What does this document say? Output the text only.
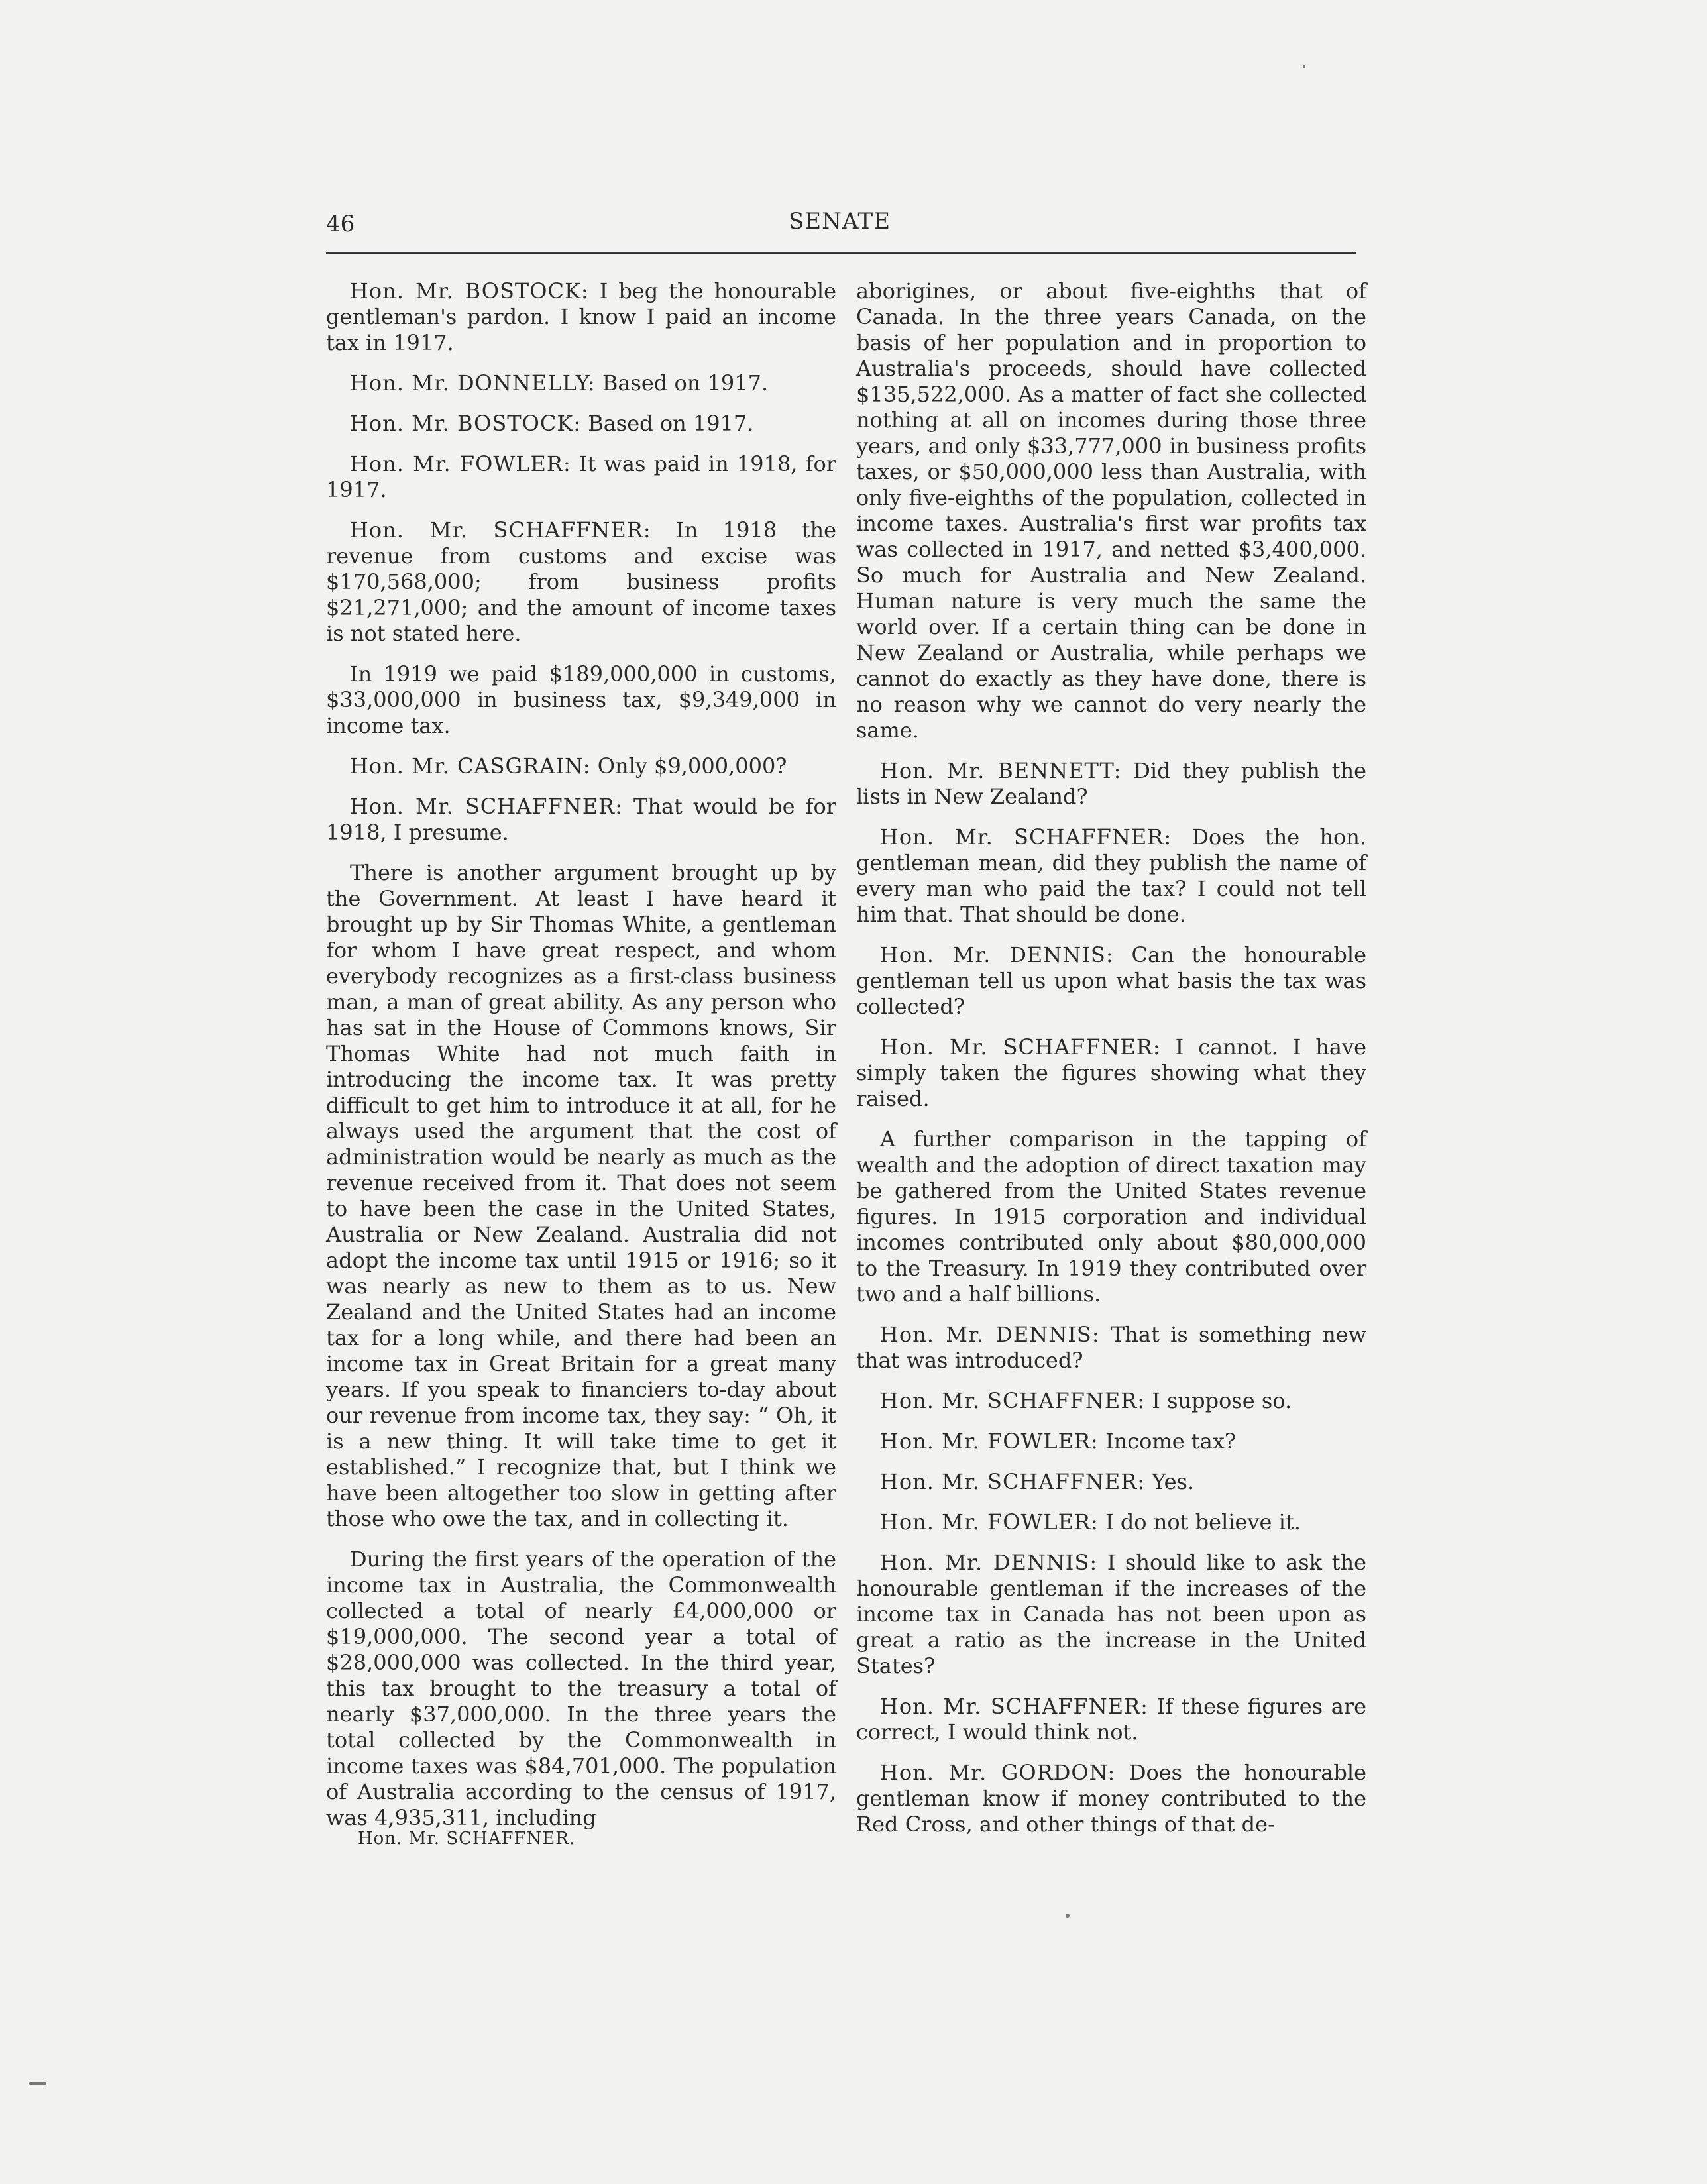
46	SENATE

Hon. Mr. BOSTOCK: I beg the honourable gentleman's pardon. I know I paid an income tax in 1917.

Hon. Mr. DONNELLY: Based on 1917.

Hon. Mr. BOSTOCK: Based on 1917.

Hon. Mr. FOWLER: It was paid in 1918, for 1917.

Hon. Mr. SCHAFFNER: In 1918 the revenue from customs and excise was $170,568,000; from business profits $21,271,000; and the amount of income taxes is not stated here.

In 1919 we paid $189,000,000 in customs, $33,000,000 in business tax, $9,349,000 in income tax.

Hon. Mr. CASGRAIN: Only $9,000,000?

Hon. Mr. SCHAFFNER: That would be for 1918, I presume.

There is another argument brought up by the Government. At least I have heard it brought up by Sir Thomas White, a gentleman for whom I have great respect, and whom everybody recognizes as a first-class business man, a man of great ability. As any person who has sat in the House of Commons knows, Sir Thomas White had not much faith in introducing the income tax. It was pretty difficult to get him to introduce it at all, for he always used the argument that the cost of administration would be nearly as much as the revenue received from it. That does not seem to have been the case in the United States, Australia or New Zealand. Australia did not adopt the income tax until 1915 or 1916; so it was nearly as new to them as to us. New Zealand and the United States had an income tax for a long while, and there had been an income tax in Great Britain for a great many years. If you speak to financiers to-day about our revenue from income tax, they say: “ Oh, it is a new thing. It will take time to get it established.” I recognize that, but I think we have been altogether too slow in getting after those who owe the tax, and in collecting it.

During the first years of the operation of the income tax in Australia, the Commonwealth collected a total of nearly £4,000,000 or $19,000,000. The second year a total of $28,000,000 was collected. In the third year, this tax brought to the treasury a total of nearly $37,000,000. In the three years the total collected by the Commonwealth in income taxes was $84,701,000. The population of Australia according to the census of 1917, was 4,935,311, including

aborigines, or about five-eighths that of Canada. In the three years Canada, on the basis of her population and in proportion to Australia's proceeds, should have collected $135,522,000. As a matter of fact she collected nothing at all on incomes during those three years, and only $33,777,000 in business profits taxes, or $50,000,000 less than Australia, with only five-eighths of the population, collected in income taxes. Australia's first war profits tax was collected in 1917, and netted $3,400,000. So much for Australia and New Zealand. Human nature is very much the same the world over. If a certain thing can be done in New Zealand or Australia, while perhaps we cannot do exactly as they have done, there is no reason why we cannot do very nearly the same.

Hon. Mr. BENNETT: Did they publish the lists in New Zealand?

Hon. Mr. SCHAFFNER: Does the hon. gentleman mean, did they publish the name of every man who paid the tax? I could not tell him that. That should be done.

Hon. Mr. DENNIS: Can the honourable gentleman tell us upon what basis the tax was collected?

Hon. Mr. SCHAFFNER: I cannot. I have simply taken the figures showing what they raised.

A further comparison in the tapping of wealth and the adoption of direct taxation may be gathered from the United States revenue figures. In 1915 corporation and individual incomes contributed only about $80,000,000 to the Treasury. In 1919 they contributed over two and a half billions.

Hon. Mr. DENNIS: That is something new that was introduced?

Hon. Mr. SCHAFFNER: I suppose so.

Hon. Mr. FOWLER: Income tax?

Hon. Mr. SCHAFFNER: Yes.

Hon. Mr. FOWLER: I do not believe it.

Hon. Mr. DENNIS: I should like to ask the honourable gentleman if the increases of the income tax in Canada has not been upon as great a ratio as the increase in the United States?

Hon. Mr. SCHAFFNER: If these figures are correct, I would think not.

Hon. Mr. GORDON: Does the honourable gentleman know if money contributed to the Red Cross, and other things of that de-

Hon. Mr. SCHAFFNER.
